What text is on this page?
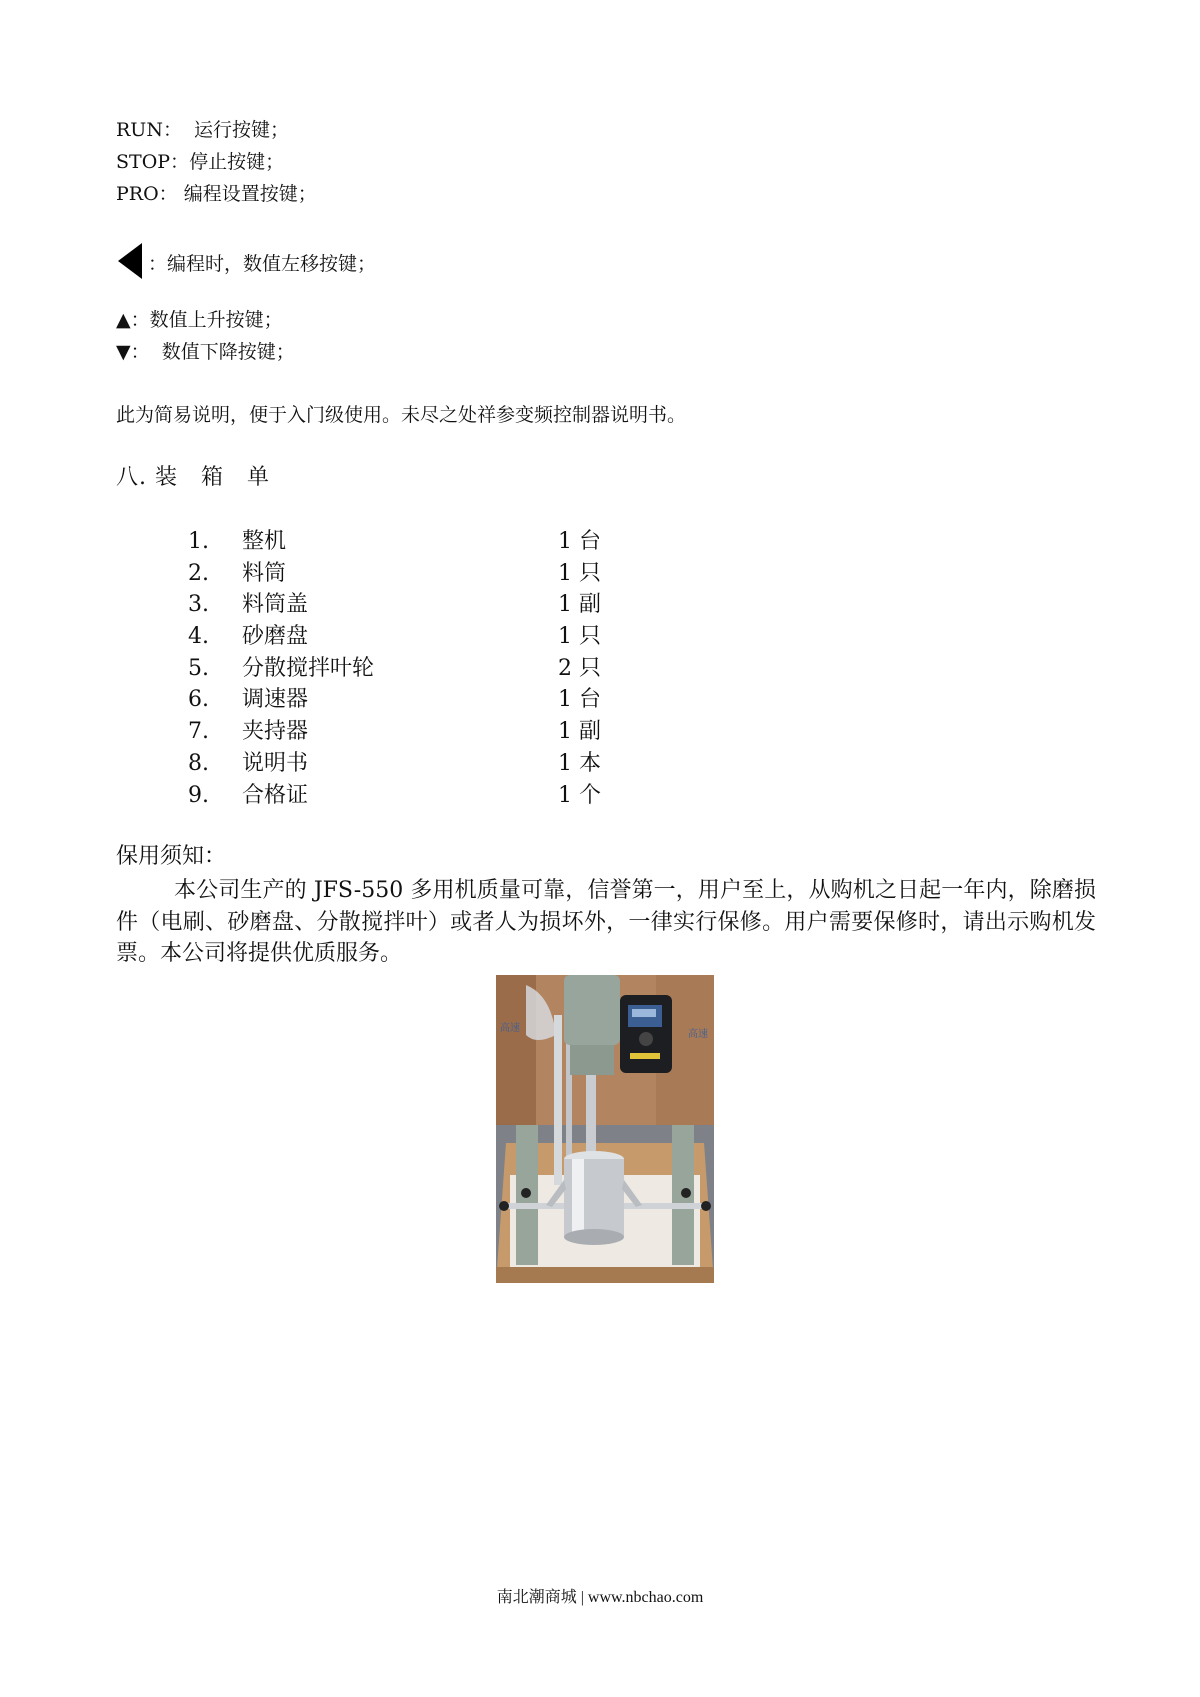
RUN： 运行按键；
STOP：停止按键；
PRO： 编程设置按键；
：编程时，数值左移按键；
▲：数值上升按键；
▼： 数值下降按键；
此为简易说明，便于入门级使用。未尽之处祥参变频控制器说明书。
八. 装　箱　单
1. 整机	1 台
2. 料筒	1 只
3. 料筒盖	1 副
4. 砂磨盘	1 只
5. 分散搅拌叶轮	2 只
6. 调速器	1 台
7. 夹持器	1 副
8. 说明书	1 本
9. 合格证	1 个
保用须知：
本公司生产的 JFS-550 多用机质量可靠，信誉第一，用户至上，从购机之日起一年内，除磨损件（电刷、砂磨盘、分散搅拌叶）或者人为损坏外，一律实行保修。用户需要保修时，请出示购机发票。本公司将提供优质服务。
高速
高速
南北潮商城 | www.nbchao.com
